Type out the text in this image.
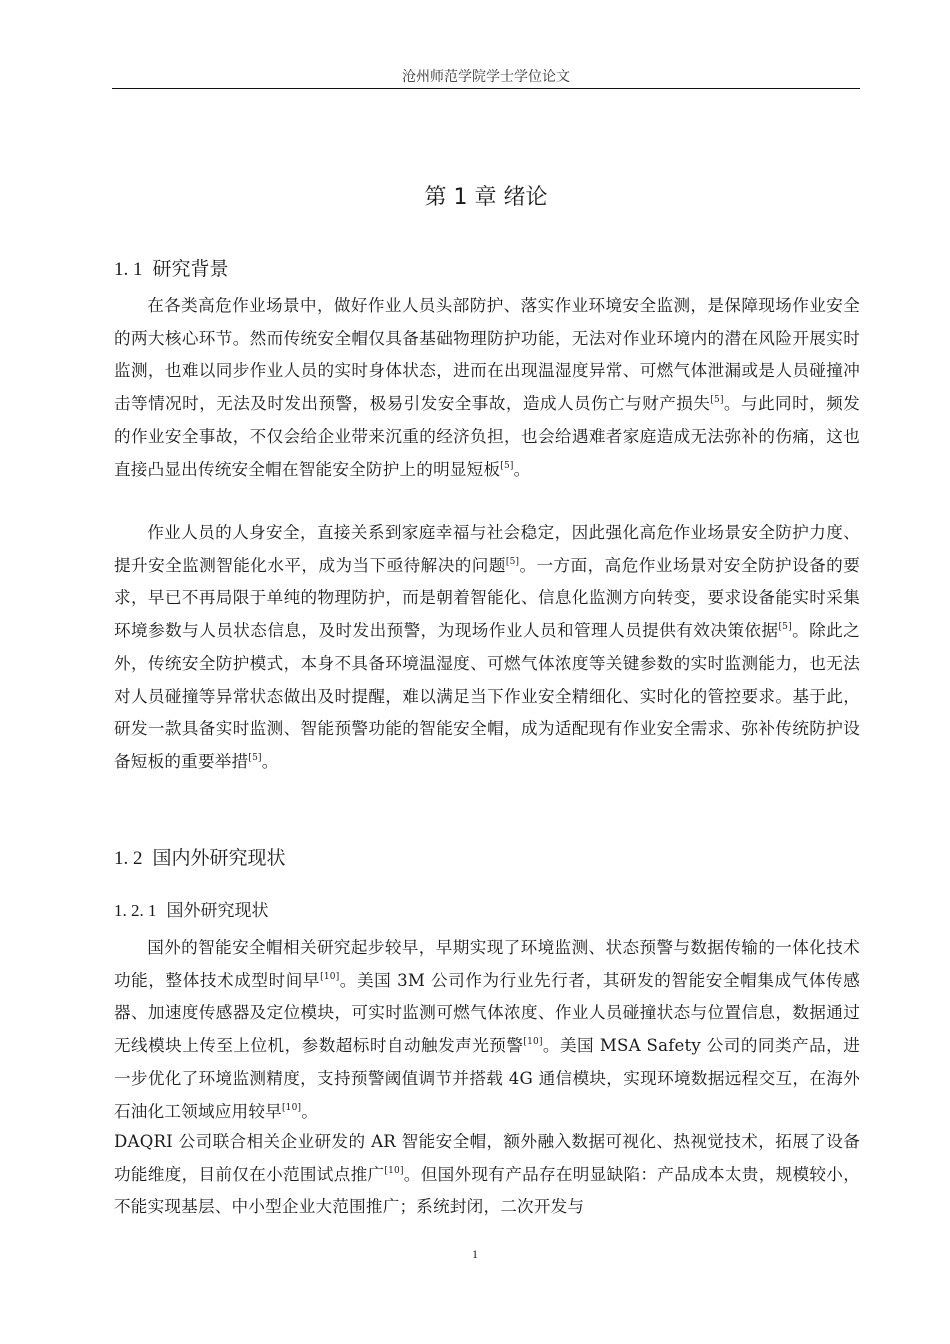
沧州师范学院学士学位论文
第 1 章 绪论
1. 1 研究背景

在各类高危作业场景中，做好作业人员头部防护、落实作业环境安全监测，是保障现场作业安全的两大核心环节。然而传统安全帽仅具备基础物理防护功能，无法对作业环境内的潜在风险开展实时监测，也难以同步作业人员的实时身体状态，进而在出现温湿度异常、可燃气体泄漏或是人员碰撞冲击等情况时，无法及时发出预警，极易引发安全事故，造成人员伤亡与财产损失[5]。与此同时，频发的作业安全事故，不仅会给企业带来沉重的经济负担，也会给遇难者家庭造成无法弥补的伤痛，这也直接凸显出传统安全帽在智能安全防护上的明显短板[5]。

作业人员的人身安全，直接关系到家庭幸福与社会稳定，因此强化高危作业场景安全防护力度、提升安全监测智能化水平，成为当下亟待解决的问题[5]。一方面，高危作业场景对安全防护设备的要求，早已不再局限于单纯的物理防护，而是朝着智能化、信息化监测方向转变，要求设备能实时采集环境参数与人员状态信息，及时发出预警，为现场作业人员和管理人员提供有效决策依据[5]。除此之外，传统安全防护模式，本身不具备环境温湿度、可燃气体浓度等关键参数的实时监测能力，也无法对人员碰撞等异常状态做出及时提醒，难以满足当下作业安全精细化、实时化的管控要求。基于此，研发一款具备实时监测、智能预警功能的智能安全帽，成为适配现有作业安全需求、弥补传统防护设备短板的重要举措[5]。

1. 2 国内外研究现状
1. 2. 1 国外研究现状

国外的智能安全帽相关研究起步较早，早期实现了环境监测、状态预警与数据传输的一体化技术功能，整体技术成型时间早[10]。美国 3M 公司作为行业先行者，其研发的智能安全帽集成气体传感器、加速度传感器及定位模块，可实时监测可燃气体浓度、作业人员碰撞状态与位置信息，数据通过无线模块上传至上位机，参数超标时自动触发声光预警[10]。美国 MSA Safety 公司的同类产品，进一步优化了环境监测精度，支持预警阈值调节并搭载 4G 通信模块，实现环境数据远程交互，在海外石油化工领域应用较早[10]。

DAQRI 公司联合相关企业研发的 AR 智能安全帽，额外融入数据可视化、热视觉技术，拓展了设备功能维度，目前仅在小范围试点推广[10]。但国外现有产品存在明显缺陷：产品成本太贵，规模较小，不能实现基层、中小型企业大范围推广；系统封闭，二次开发与

1
